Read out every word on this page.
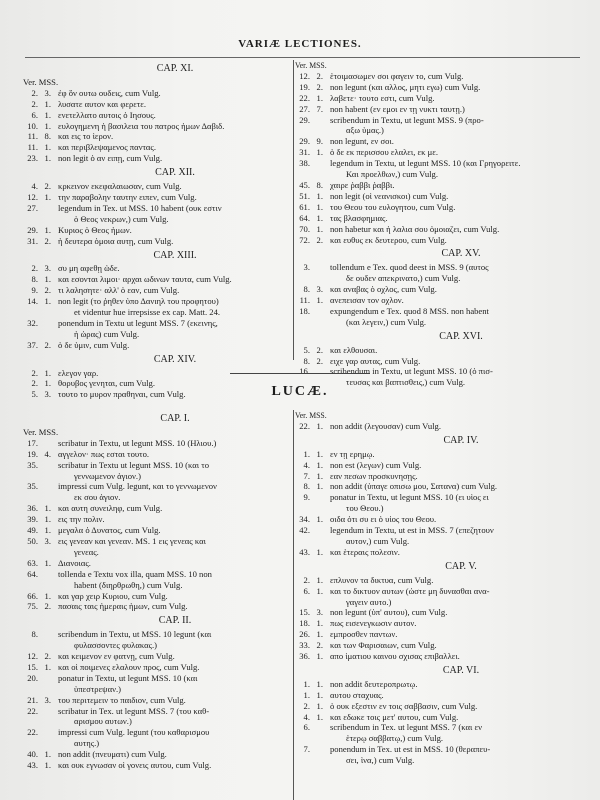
VARIÆ LECTIONES.
CAP. XI.
Ver. MSS.
2. 3. ἐφ ὃν ουτω ουδεις, cum Vulg.
2. 1. λυσατε αυτον και φερετε.
6. 1. ενετελλατο αυτοις ὁ Ιησους.
10. 1. ευλογημενη ἡ βασιλεια του πατρος ἡμων Δαβιδ.
11. 8. και εις το ἱερον.
11. 1. και περιβλεψαμενος παντας.
23. 1. non legit ὁ αν ειπῃ, cum Vulg.
CAP. XII.
4. 2. κρκεινον εκεφαλαιωσαν, cum Vulg.
12. 1. την παραβολην ταυτην ειπεν, cum Vulg.
27. legendum in Tex. ut MSS. 10 habent (ουκ εστιν
ὁ Θεος νεκρων,) cum Vulg.
29. 1. Κυριος ὁ Θεος ἡμων.
31. 2. ἡ δευτερα ὁμοια αυτῃ, cum Vulg.
CAP. XIII.
2. 3. συ μη αφεθῃ ὡδε.
8. 1. και εσονται λιμοι· αρχαι ωδινων ταυτα, cum Vulg.
9. 2. τι λαλησητε· αλλ' ὁ εαν, cum Vulg.
14. 1. non legit (το ῥηθεν ὑπο Δανιηλ του προφητου)
et videntur hue irrepsisse ex cap. Matt. 24.
32. ponendum in Textu ut legunt MSS. 7 (εκεινης,
ἡ ὡρας) cum Vulg.
37. 2. ὁ δε ὑμιν, cum Vulg.
CAP. XIV.
2. 1. ελεγον γαρ.
2. 1. θορυβος γενηται, cum Vulg.
5. 3. τουτο το μυρον πραθηναι, cum Vulg.
Ver. MSS.
12. 2. ἑτοιμασωμεν σοι φαγειν το, cum Vulg.
19. 2. non legunt (και αλλος, μητι εγω) cum Vulg.
22. 1. λαβετε· τουτο εστι, cum Vulg.
27. 7. non habent (εν εμοι εν τῃ νυκτι ταυτῃ.)
29. scribendum in Textu, ut legunt MSS. 9 (προ-
αξω ὑμας.)
29. 9. non legunt, εν σοι.
31. 1. ὁ δε εκ περισσου ελαλει, εκ με.
38. legendum in Textu, ut legunt MSS. 10 (και Γρηγορειτε.
Και προελθων,) cum Vulg.
45. 8. χαιρε ῥαββι ῥαββι.
51. 1. non legit (οἱ νεανισκοι) cum Vulg.
61. 1. του Θεου του ευλογητου, cum Vulg.
64. 1. τας βλασφημιας.
70. 1. non habetur και ἡ λαλια σου ὁμοιαζει, cum Vulg.
72. 2. και ευθυς εκ δευτερου, cum Vulg.
CAP. XV.
3. tollendum e Tex. quod deest in MSS. 9 (αυτος
δε ουδεν απεκρινατο,) cum Vulg.
8. 3. και αναβας ὁ οχλος, cum Vulg.
11. 1. ανεπεισαν τον οχλον.
18. expungendum e Tex. quod 8 MSS. non habent
(και λεγειν,) cum Vulg.
CAP. XVI.
5. 2. και ελθουσαι.
8. 2. ειχε γαρ αυτας, cum Vulg.
16. scribendum in Textu, ut legunt MSS. 10 (ὁ πισ-
τευσας και βαπτισθεις,) cum Vulg.
LUCÆ.
CAP. I.
Ver. MSS.
17. scribatur in Textu, ut legunt MSS. 10 (Ηλιου.)
19. 4. αγγελον· πως εσται τουτο.
35. scribatur in Textu ut legunt MSS. 10 (και το
γεννωμενον ἁγιον.)
35. impressi cum Vulg. legunt, και το γεννωμενον
εκ σου ἁγιον.
36. 1. και αυτη συνειληφ, cum Vulg.
39. 1. εις την πολιν.
49. 1. μεγαλα ὁ Δυνατος, cum Vulg.
50. 3. εις γενεαν και γενεαν. MS. 1 εις γενεας και
γενεας.
63. 1. Διανοιας.
64. tollenda e Textu vox illa, quam MSS. 10 non
habent (διηρθρωθη,) cum Vulg.
66. 1. και γαρ χειρ Κυριου, cum Vulg.
75. 2. πασαις ταις ἡμεραις ἡμων, cum Vulg.
CAP. II.
8. scribendum in Textu, ut MSS. 10 legunt (και
φυλασσοντες φυλακας.)
12. 2. και κειμενον εν φατνῃ, cum Vulg.
15. 1. και οἱ ποιμενες ελαλουν προς, cum Vulg.
20. ponatur in Textu, ut legunt MSS. 10 (και
ὑπεστρεψαν.)
21. 3. του περιτεμειν το παιδιον, cum Vulg.
22. scribatur in Tex. ut legunt MSS. 7 (του καθ-
αρισμου αυτων.)
22. impressi cum Vulg. legunt (του καθαρισμου
αυτης.)
40. 1. non addit (πνευματι) cum Vulg.
43. 1. και ουκ εγνωσαν οἱ γονεις αυτου, cum Vulg.
Ver. MSS.
22. 1. non addit (λεγουσαν) cum Vulg.
CAP. IV.
1. 1. εν τῃ ερημῳ.
4. 1. non est (λεγων) cum Vulg.
7. 1. εαν πεσων προσκυνησῃς.
8. 1. non addit (ὑπαγε οπισω μου, Σατανα) cum Vulg.
9. ponatur in Textu, ut legunt MSS. 10 (ει υἱος ει
του Θεου.)
34. 1. οιδα ὁτι συ ει ὁ υἱος του Θεου.
42. legendum in Textu, ut est in MSS. 7 (επεζητουν
αυτον,) cum Vulg.
43. 1. και ἑτεραις πολεσιν.
CAP. V.
2. 1. επλυνον τα δικτυα, cum Vulg.
6. 1. και το δικτυον αυτων (ὡστε μη δυνασθαι ανα-
γαγειν αυτο.)
15. 3. non legunt (ὑπ' αυτου), cum Vulg.
18. 1. πως εισενεγκωσιν αυτον.
26. 1. εμπροσθεν παντων.
33. 2. και των Φαρισαιων, cum Vulg.
36. 1. απο ἱματιου καινου σχισας επιβαλλει.
CAP. VI.
1. 1. non addit δευτεροπρωτῳ.
1. 1. αυτου σταχυας.
2. 1. ὁ ουκ εξεστιν εν τοις σαββασιν, cum Vulg.
4. 1. και εδωκε τοις μετ' αυτου, cum Vulg.
6. scribendum in Tex. ut legunt MSS. 7 (και εν
ἑτερῳ σαββατῳ,) cum Vulg.
7. ponendum in Tex. ut est in MSS. 10 (θεραπευ-
σει, ἱνα,) cum Vulg.
